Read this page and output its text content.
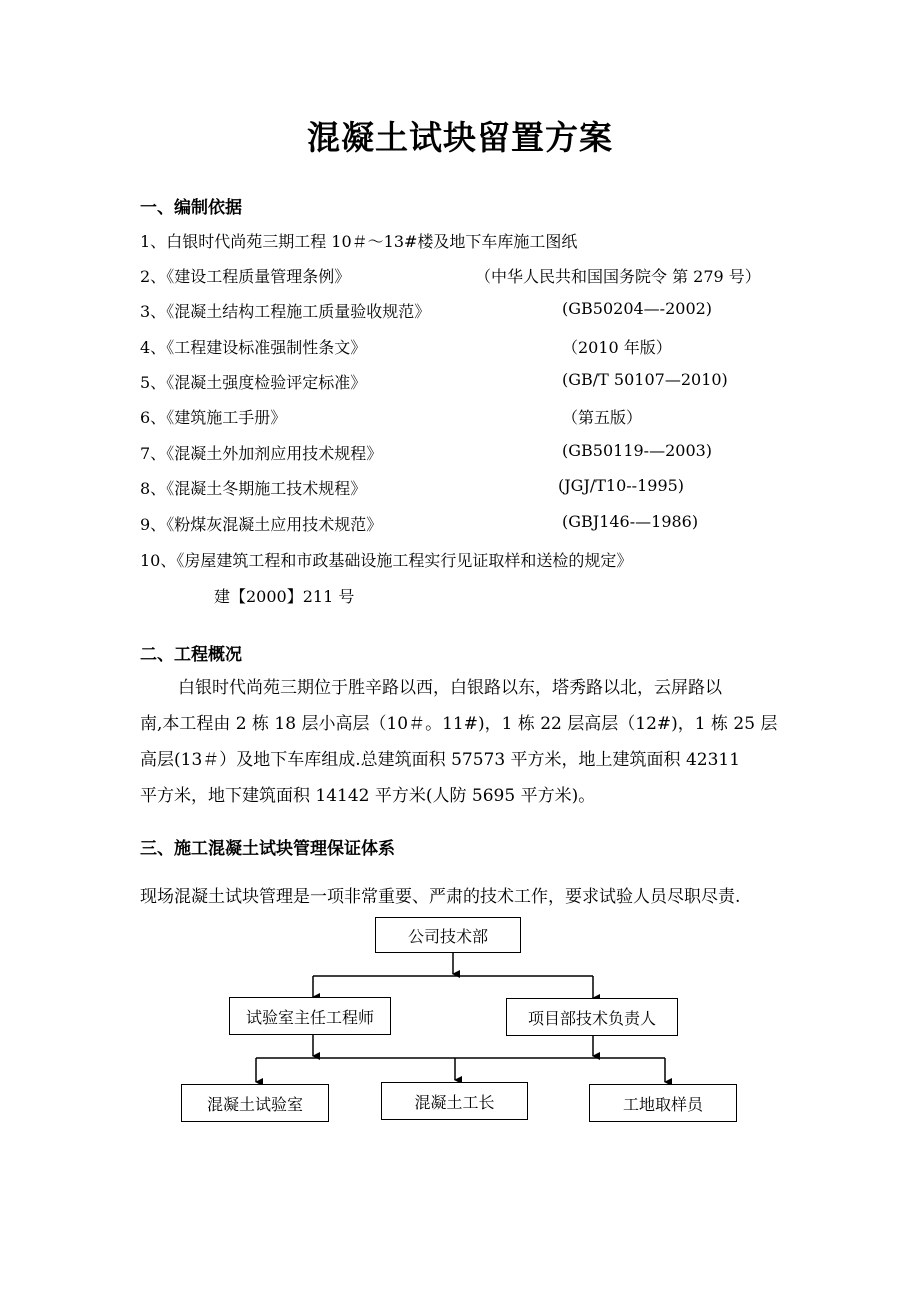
混凝土试块留置方案
一、编制依据
1、白银时代尚苑三期工程 10＃～13#楼及地下车库施工图纸
2、《建设工程质量管理条例》	（中华人民共和国国务院令 第 279 号）
3、《混凝土结构工程施工质量验收规范》	(GB50204—-2002)
4、《工程建设标准强制性条文》	（2010 年版）
5、《混凝土强度检验评定标准》	(GB/T 50107—2010)
6、《建筑施工手册》	（第五版）
7、《混凝土外加剂应用技术规程》	(GB50119-—2003)
8、《混凝土冬期施工技术规程》	(JGJ/T10--1995)
9、《粉煤灰混凝土应用技术规范》	(GBJ146-—1986)
10、《房屋建筑工程和市政基础设施工程实行见证取样和送检的规定》
建【2000】211 号
二、工程概况
白银时代尚苑三期位于胜辛路以西，白银路以东，塔秀路以北，云屏路以
南,本工程由 2 栋 18 层小高层（10＃。11#)，1 栋 22 层高层（12#)，1 栋 25 层
高层(13＃）及地下车库组成.总建筑面积 57573 平方米，地上建筑面积 42311
平方米，地下建筑面积 14142 平方米(人防 5695 平方米)。
三、施工混凝土试块管理保证体系
现场混凝土试块管理是一项非常重要、严肃的技术工作，要求试验人员尽职尽责.
公司技术部
试验室主任工程师	项目部技术负责人
混凝土试验室	混凝土工长	工地取样员
